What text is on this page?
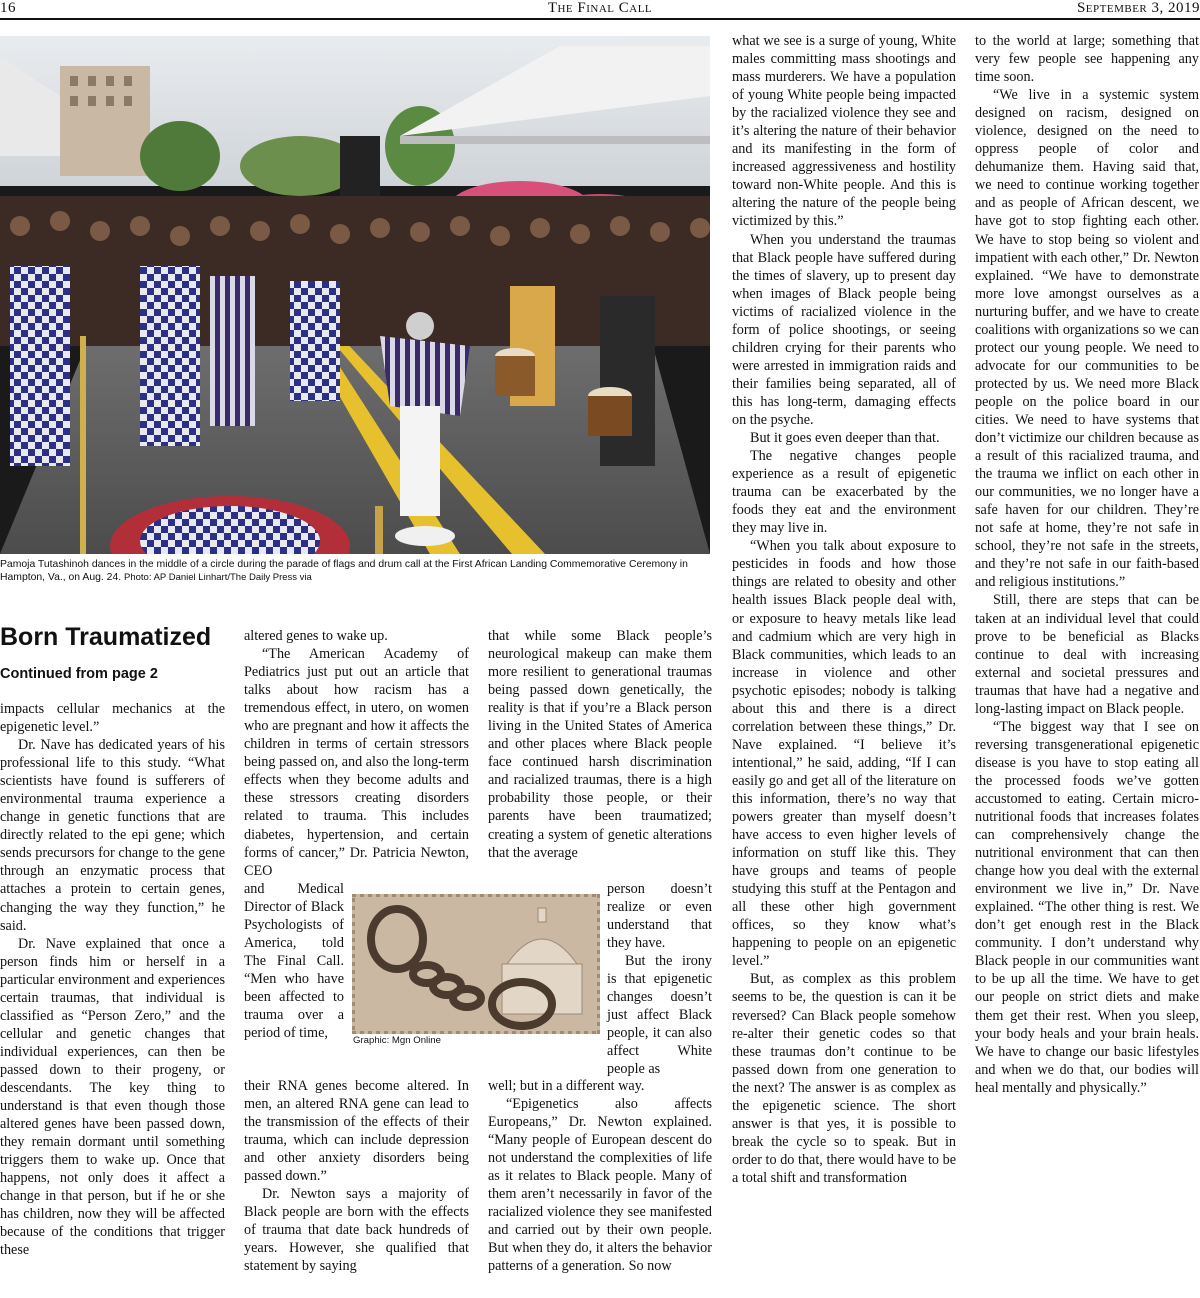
16	The Final Call	September 3, 2019
Pamoja Tutashinoh dances in the middle of a circle during the parade of flags and drum call at the First African Landing Commemorative Ceremony in Hampton, Va., on Aug. 24. Photo: AP Daniel Linhart/The Daily Press via
Born Traumatized
Continued from page 2

impacts cellular mechanics at the epigenetic level.”

Dr. Nave has dedicated years of his professional life to this study. “What scientists have found is sufferers of environmental trauma experience a change in genetic functions that are directly related to the epi gene; which sends precursors for change to the gene through an enzymatic process that attaches a protein to certain genes, changing the way they function,” he said.

Dr. Nave explained that once a person finds him or herself in a particular environment and experiences certain traumas, that individual is classified as “Person Zero,” and the cellular and genetic changes that individual experiences, can then be passed down to their progeny, or descendants. The key thing to understand is that even though those altered genes have been passed down, they remain dormant until something triggers them to wake up. Once that happens, not only does it affect a change in that person, but if he or she has children, now they will be affected because of the conditions that trigger these

altered genes to wake up.

“The American Academy of Pediatrics just put out an article that talks about how racism has a tremendous effect, in utero, on women who are pregnant and how it affects the children in terms of certain stressors being passed on, and also the long-term effects when they become adults and these stressors creating disorders related to trauma. This includes diabetes, hypertension, and certain forms of cancer,” Dr. Patricia Newton, CEO

and Medical Director of Black Psychologists of America, told The Final Call. “Men who have been affected to trauma over a period of time,

their RNA genes become altered. In men, an altered RNA gene can lead to the transmission of the effects of their trauma, which can include depression and other anxiety disorders being passed down.”

Dr. Newton says a majority of Black people are born with the effects of trauma that date back hundreds of years. However, she qualified that statement by saying

Graphic: Mgn Online

that while some Black people’s neurological makeup can make them more resilient to generational traumas being passed down genetically, the reality is that if you’re a Black person living in the United States of America and other places where Black people face continued harsh discrimination and racialized traumas, there is a high probability those people, or their parents have been traumatized; creating a system of genetic alterations that the average

person doesn’t realize or even understand that they have.

But the irony is that epigenetic changes doesn’t just affect Black people, it can also affect White people as

well; but in a different way.

“Epigenetics also affects Europeans,” Dr. Newton explained. “Many people of European descent do not understand the complexities of life as it relates to Black people. Many of them aren’t necessarily in favor of the racialized violence they see manifested and carried out by their own people. But when they do, it alters the behavior patterns of a generation. So now

what we see is a surge of young, White males committing mass shootings and mass murderers. We have a population of young White people being impacted by the racialized violence they see and it’s altering the nature of their behavior and its manifesting in the form of increased aggressiveness and hostility toward non-White people. And this is altering the nature of the people being victimized by this.”

When you understand the traumas that Black people have suffered during the times of slavery, up to present day when images of Black people being victims of racialized violence in the form of police shootings, or seeing children crying for their parents who were arrested in immigration raids and their families being separated, all of this has long-term, damaging effects on the psyche.

But it goes even deeper than that.

The negative changes people experience as a result of epigenetic trauma can be exacerbated by the foods they eat and the environment they may live in.

“When you talk about exposure to pesticides in foods and how those things are related to obesity and other health issues Black people deal with, or exposure to heavy metals like lead and cadmium which are very high in Black communities, which leads to an increase in violence and other psychotic episodes; nobody is talking about this and there is a direct correlation between these things,” Dr. Nave explained. “I believe it’s intentional,” he said, adding, “If I can easily go and get all of the literature on this information, there’s no way that powers greater than myself doesn’t have access to even higher levels of information on stuff like this. They have groups and teams of people studying this stuff at the Pentagon and all these other high government offices, so they know what’s happening to people on an epigenetic level.”

But, as complex as this problem seems to be, the question is can it be reversed? Can Black people somehow re-alter their genetic codes so that these traumas don’t continue to be passed down from one generation to the next? The answer is as complex as the epigenetic science. The short answer is that yes, it is possible to break the cycle so to speak. But in order to do that, there would have to be a total shift and transformation

to the world at large; something that very few people see happening any time soon.

“We live in a systemic system designed on racism, designed on violence, designed on the need to oppress people of color and dehumanize them. Having said that, we need to continue working together and as people of African descent, we have got to stop fighting each other. We have to stop being so violent and impatient with each other,” Dr. Newton explained. “We have to demonstrate more love amongst ourselves as a nurturing buffer, and we have to create coalitions with organizations so we can protect our young people. We need to advocate for our communities to be protected by us. We need more Black people on the police board in our cities. We need to have systems that don’t victimize our children because as a result of this racialized trauma, and the trauma we inflict on each other in our communities, we no longer have a safe haven for our children. They’re not safe at home, they’re not safe in school, they’re not safe in the streets, and they’re not safe in our faith-based and religious institutions.”

Still, there are steps that can be taken at an individual level that could prove to be beneficial as Blacks continue to deal with increasing external and societal pressures and traumas that have had a negative and long-lasting impact on Black people.

“The biggest way that I see on reversing transgenerational epigenetic disease is you have to stop eating all the processed foods we’ve gotten accustomed to eating. Certain micro-nutritional foods that increases folates can comprehensively change the nutritional environment that can then change how you deal with the external environment we live in,” Dr. Nave explained. “The other thing is rest. We don’t get enough rest in the Black community. I don’t understand why Black people in our communities want to be up all the time. We have to get our people on strict diets and make them get their rest. When you sleep, your body heals and your brain heals. We have to change our basic lifestyles and when we do that, our bodies will heal mentally and physically.”
